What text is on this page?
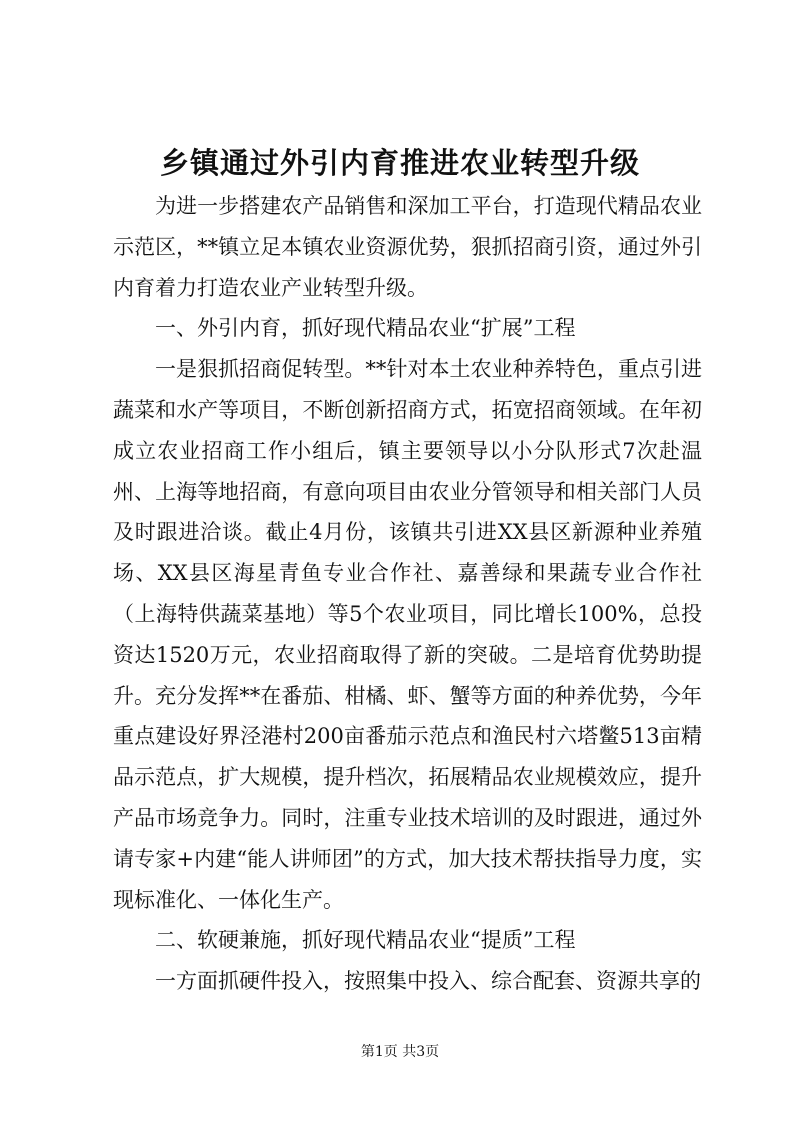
乡镇通过外引内育推进农业转型升级

为进一步搭建农产品销售和深加工平台，打造现代精品农业示范区，**镇立足本镇农业资源优势，狠抓招商引资，通过外引内育着力打造农业产业转型升级。

一、外引内育，抓好现代精品农业“扩展”工程

一是狠抓招商促转型。**针对本土农业种养特色，重点引进蔬菜和水产等项目，不断创新招商方式，拓宽招商领域。在年初成立农业招商工作小组后，镇主要领导以小分队形式7次赴温州、上海等地招商，有意向项目由农业分管领导和相关部门人员及时跟进洽谈。截止4月份，该镇共引进XX县区新源种业养殖场、XX县区海星青鱼专业合作社、嘉善绿和果蔬专业合作社（上海特供蔬菜基地）等5个农业项目，同比增长100%，总投资达1520万元，农业招商取得了新的突破。二是培育优势助提升。充分发挥**在番茄、柑橘、虾、蟹等方面的种养优势，今年重点建设好界泾港村200亩番茄示范点和渔民村六塔鳖513亩精品示范点，扩大规模，提升档次，拓展精品农业规模效应，提升产品市场竞争力。同时，注重专业技术培训的及时跟进，通过外请专家+内建“能人讲师团”的方式，加大技术帮扶指导力度，实现标准化、一体化生产。

二、软硬兼施，抓好现代精品农业“提质”工程

一方面抓硬件投入，按照集中投入、综合配套、资源共享的

第1页 共3页
